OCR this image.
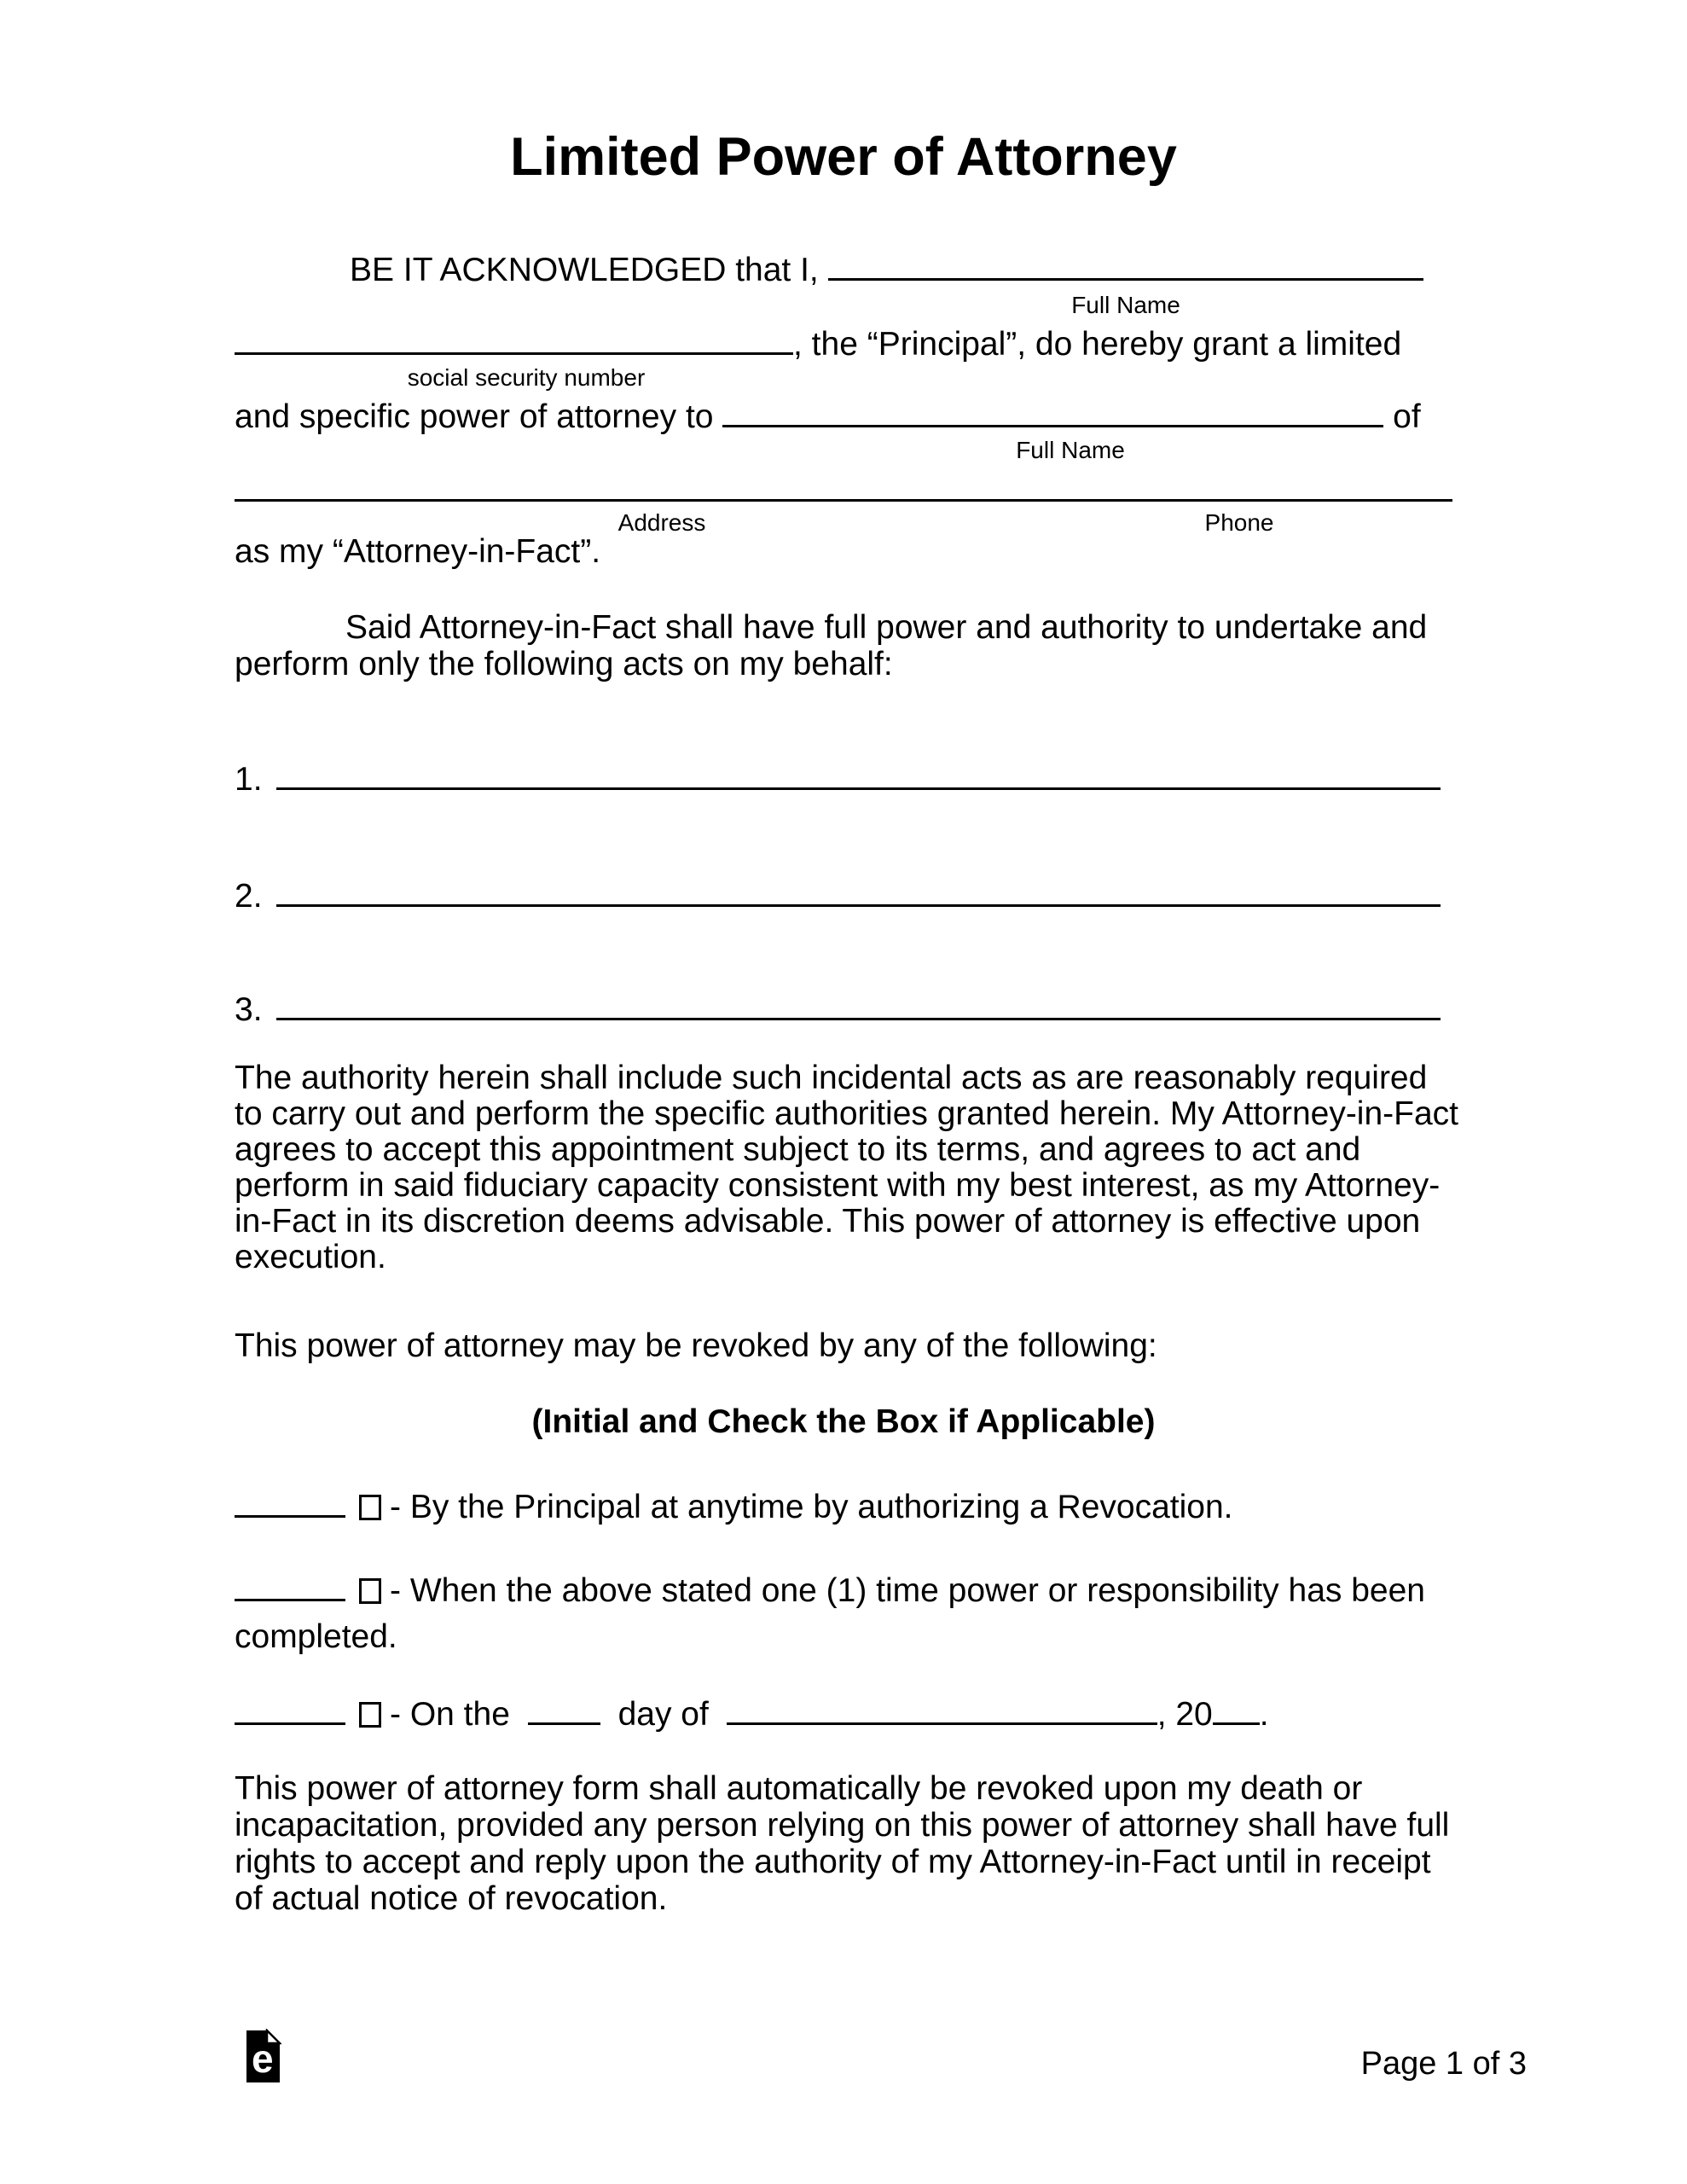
Limited Power of Attorney
BE IT ACKNOWLEDGED that I,
Full Name
, the “Principal”, do hereby grant a limited
social security number
and specific power of attorney to	of
Full Name
Address	Phone
as my “Attorney-in-Fact”.
Said Attorney-in-Fact shall have full power and authority to undertake and
perform only the following acts on my behalf:
1.
2.
3.
The authority herein shall include such incidental acts as are reasonably required
to carry out and perform the specific authorities granted herein. My Attorney-in-Fact
agrees to accept this appointment subject to its terms, and agrees to act and
perform in said fiduciary capacity consistent with my best interest, as my Attorney-
in-Fact in its discretion deems advisable. This power of attorney is effective upon
execution.
This power of attorney may be revoked by any of the following:
(Initial and Check the Box if Applicable)
- By the Principal at anytime by authorizing a Revocation.
- When the above stated one (1) time power or responsibility has been
completed.
- On the	day of	, 20 .
This power of attorney form shall automatically be revoked upon my death or
incapacitation, provided any person relying on this power of attorney shall have full
rights to accept and reply upon the authority of my Attorney-in-Fact until in receipt
of actual notice of revocation.
e	Page 1 of 3
